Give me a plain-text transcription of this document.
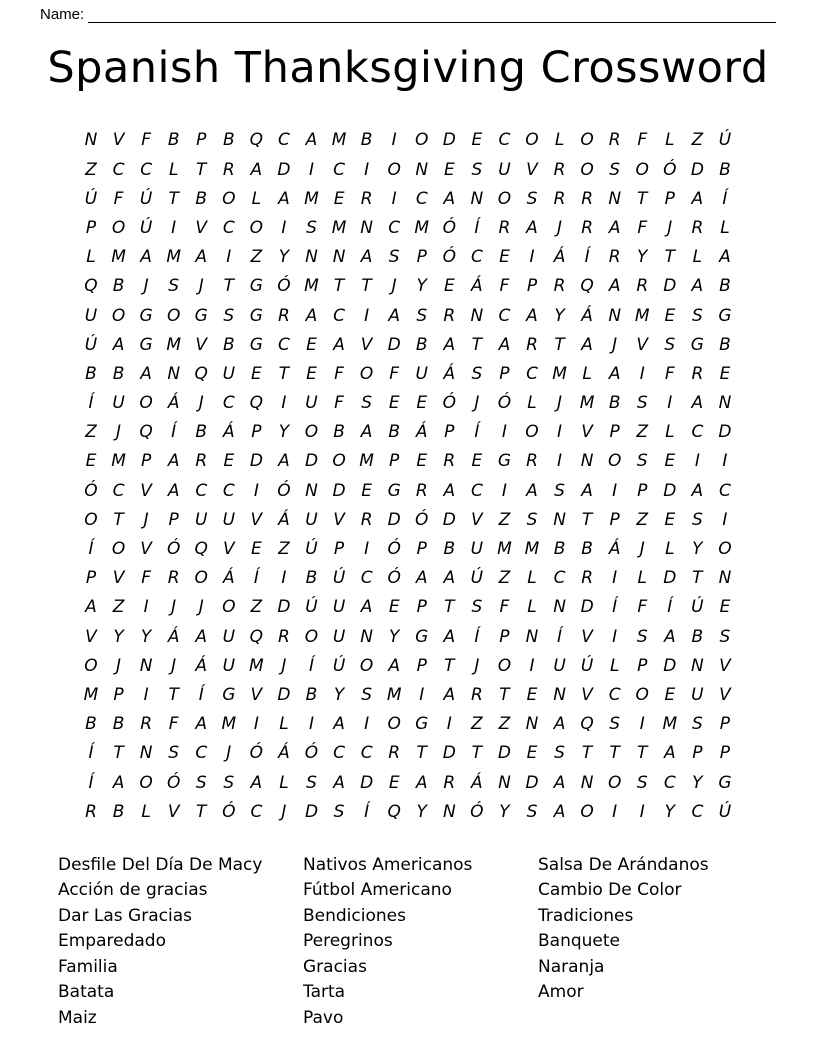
Name:
Spanish Thanksgiving Crossword
N V F B P B Q C A M B	I	O D E C O L O R F	L	Z Ú
Z C C L	T R A D	I	C	I	O N E S U V R O S O Ó D B
Ú F Ú T B O L	A M E R	I	C A N O S R R N T	P A	Í
P O Ú	I	V C O	I	S M N C M Ó	Í	R A	J	R A F	J	R L
L M A M A	I	Z Y N N A S	P Ó C E	I	Á	Í	R Y	T	L	A
Q B	J	S	J	T G Ó M T	T	J	Y	E Á F	P R Q A R D A B
U O G O G S G R A C	I	A S R N C A Y Á N M E S G
Ú A G M V B G C E A V D B A T A R T A	J	V S G B
B B A N Q U E T	E	F O F U Á S	P C M L	A	I	F R E
Í	U O Á	J	C Q	I	U F	S E E Ó	J	Ó L	J	M B S	I	A N
Z	J	Q	Í	B Á P	Y O B A B Á P	Í	I	O	I	V P Z L C D
E M P A R E D A D O M P	E R E G R	I	N O S E	I	I
Ó C V A C C	I	Ó N D E G R A C	I	A S A	I	P D A C
O T	J	P U U V Á U V R D Ó D V Z S N T	P Z E S	I
Í	O V Ó Q V E Z Ú P	I	Ó P B U M M B B Á	J	L	Y O
P V F R O Á	Í	I	B Ú C Ó A A Ú Z L C R	I	L D T N
A Z	I	J	J	O Z D Ú U A E	P	T S	F	L N D	Í	F	Í	Ú E
V Y	Y Á A U Q R O U N Y G A	Í	P N	Í	V	I	S A B S
O	J	N	J	Á U M	J	Í	Ú O A P	T	J	O	I	U Ú L	P D N V
M P	I	T	Í	G V D B Y S M	I	A R T	E N V C O E U V
B B R F A M	I	L	I	A	I	O G	I	Z Z N A Q S	I	M S	P
Í	T N S C	J	Ó Á Ó C C R T D T D E S T	T	T A P	P
Í	A O Ó S S A	L	S A D E A R Á N D A N O S C Y G
R B L	V T Ó C	J	D S	Í	Q Y N Ó Y S A O	I	I	Y C Ú
Desfile Del Día De Macy
Acción de gracias
Dar Las Gracias
Emparedado
Familia
Batata
Maiz
Nativos Americanos
Fútbol Americano
Bendiciones
Peregrinos
Gracias
Tarta
Pavo
Salsa De Arándanos
Cambio De Color
Tradiciones
Banquete
Naranja
Amor
